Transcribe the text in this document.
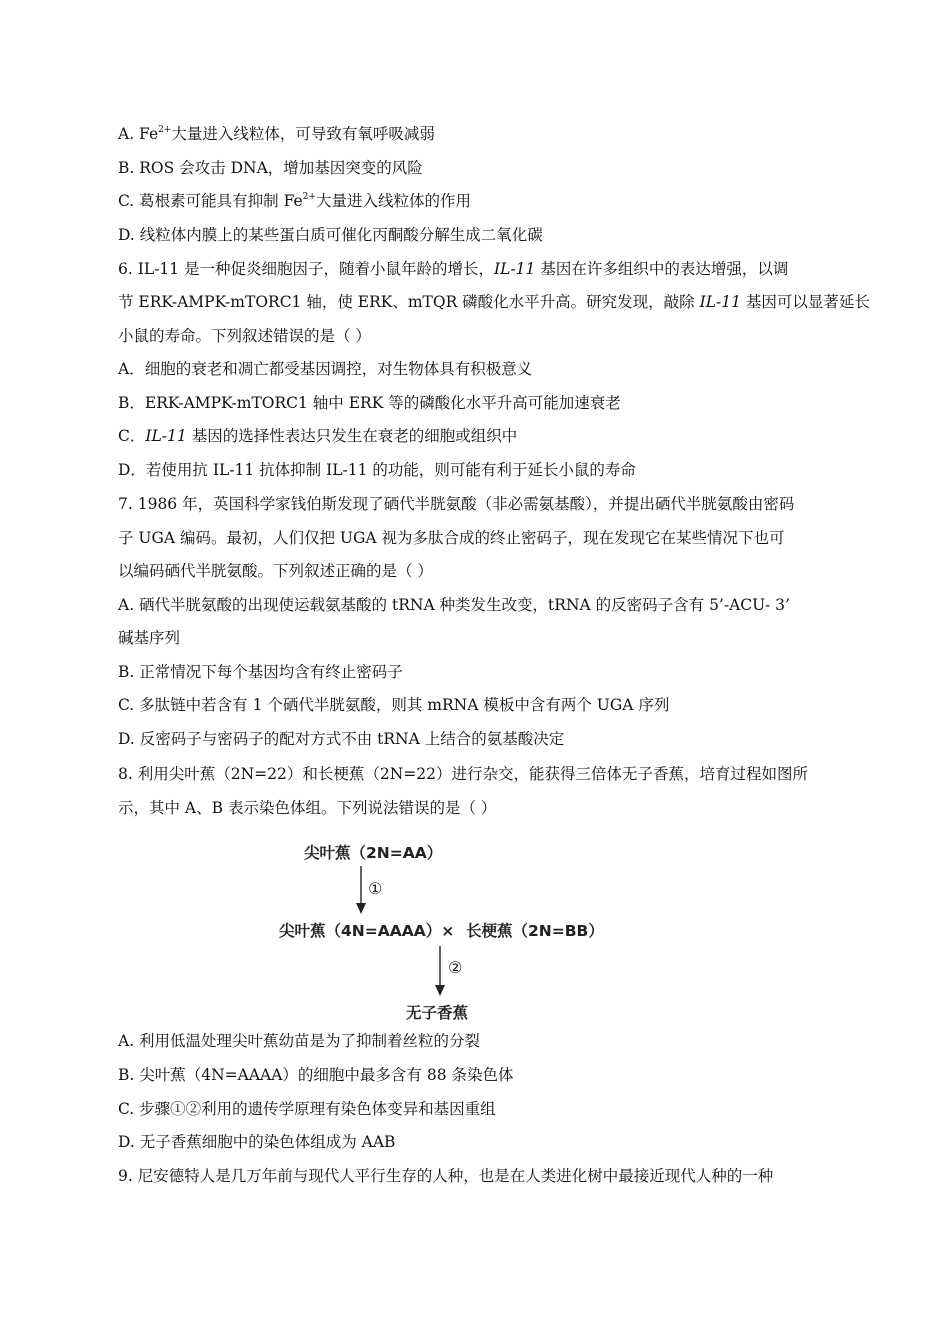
A. $Fe^{2+}$大量进入线粒体，可导致有氧呼吸减弱
B. ROS 会攻击 DNA，增加基因突变的风险
C. 葛根素可能具有抑制 $Fe^{2+}$大量进入线粒体的作用
D. 线粒体内膜上的某些蛋白质可催化丙酮酸分解生成二氧化碳
6. IL-11 是一种促炎细胞因子，随着小鼠年龄的增长，IL-11 基因在许多组织中的表达增强，以调
节 ERK-AMPK-mTORC1 轴，使 ERK、mTQR 磷酸化水平升高。研究发现，敲除 IL-11 基因可以显著延长
小鼠的寿命。下列叙述错误的是（ ）
A．细胞的衰老和凋亡都受基因调控，对生物体具有积极意义
B．ERK-AMPK-mTORC1 轴中 ERK 等的磷酸化水平升高可能加速衰老
C．IL-11 基因的选择性表达只发生在衰老的细胞或组织中
D．若使用抗 IL-11 抗体抑制 IL-11 的功能，则可能有利于延长小鼠的寿命
7. 1986 年，英国科学家钱伯斯发现了硒代半胱氨酸（非必需氨基酸），并提出硒代半胱氨酸由密码
子 UGA 编码。最初，人们仅把 UGA 视为多肽合成的终止密码子，现在发现它在某些情况下也可
以编码硒代半胱氨酸。下列叙述正确的是（ ）
A. 硒代半胱氨酸的出现使运载氨基酸的 tRNA 种类发生改变，tRNA 的反密码子含有 5’-ACU- 3’
碱基序列
B. 正常情况下每个基因均含有终止密码子
C. 多肽链中若含有 1 个硒代半胱氨酸，则其 mRNA 模板中含有两个 UGA 序列
D. 反密码子与密码子的配对方式不由 tRNA 上结合的氨基酸决定
8. 利用尖叶蕉（2N=22）和长梗蕉（2N=22）进行杂交，能获得三倍体无子香蕉，培育过程如图所
示，其中 A、B 表示染色体组。下列说法错误的是（ ）
尖叶蕉（2N=AA）
①
尖叶蕉（4N=AAAA）× 长梗蕉（2N=BB）
②
无子香蕉
A. 利用低温处理尖叶蕉幼苗是为了抑制着丝粒的分裂
B. 尖叶蕉（4N=AAAA）的细胞中最多含有 88 条染色体
C. 步骤①②利用的遗传学原理有染色体变异和基因重组
D. 无子香蕉细胞中的染色体组成为 AAB
9. 尼安德特人是几万年前与现代人平行生存的人种，也是在人类进化树中最接近现代人种的一种
